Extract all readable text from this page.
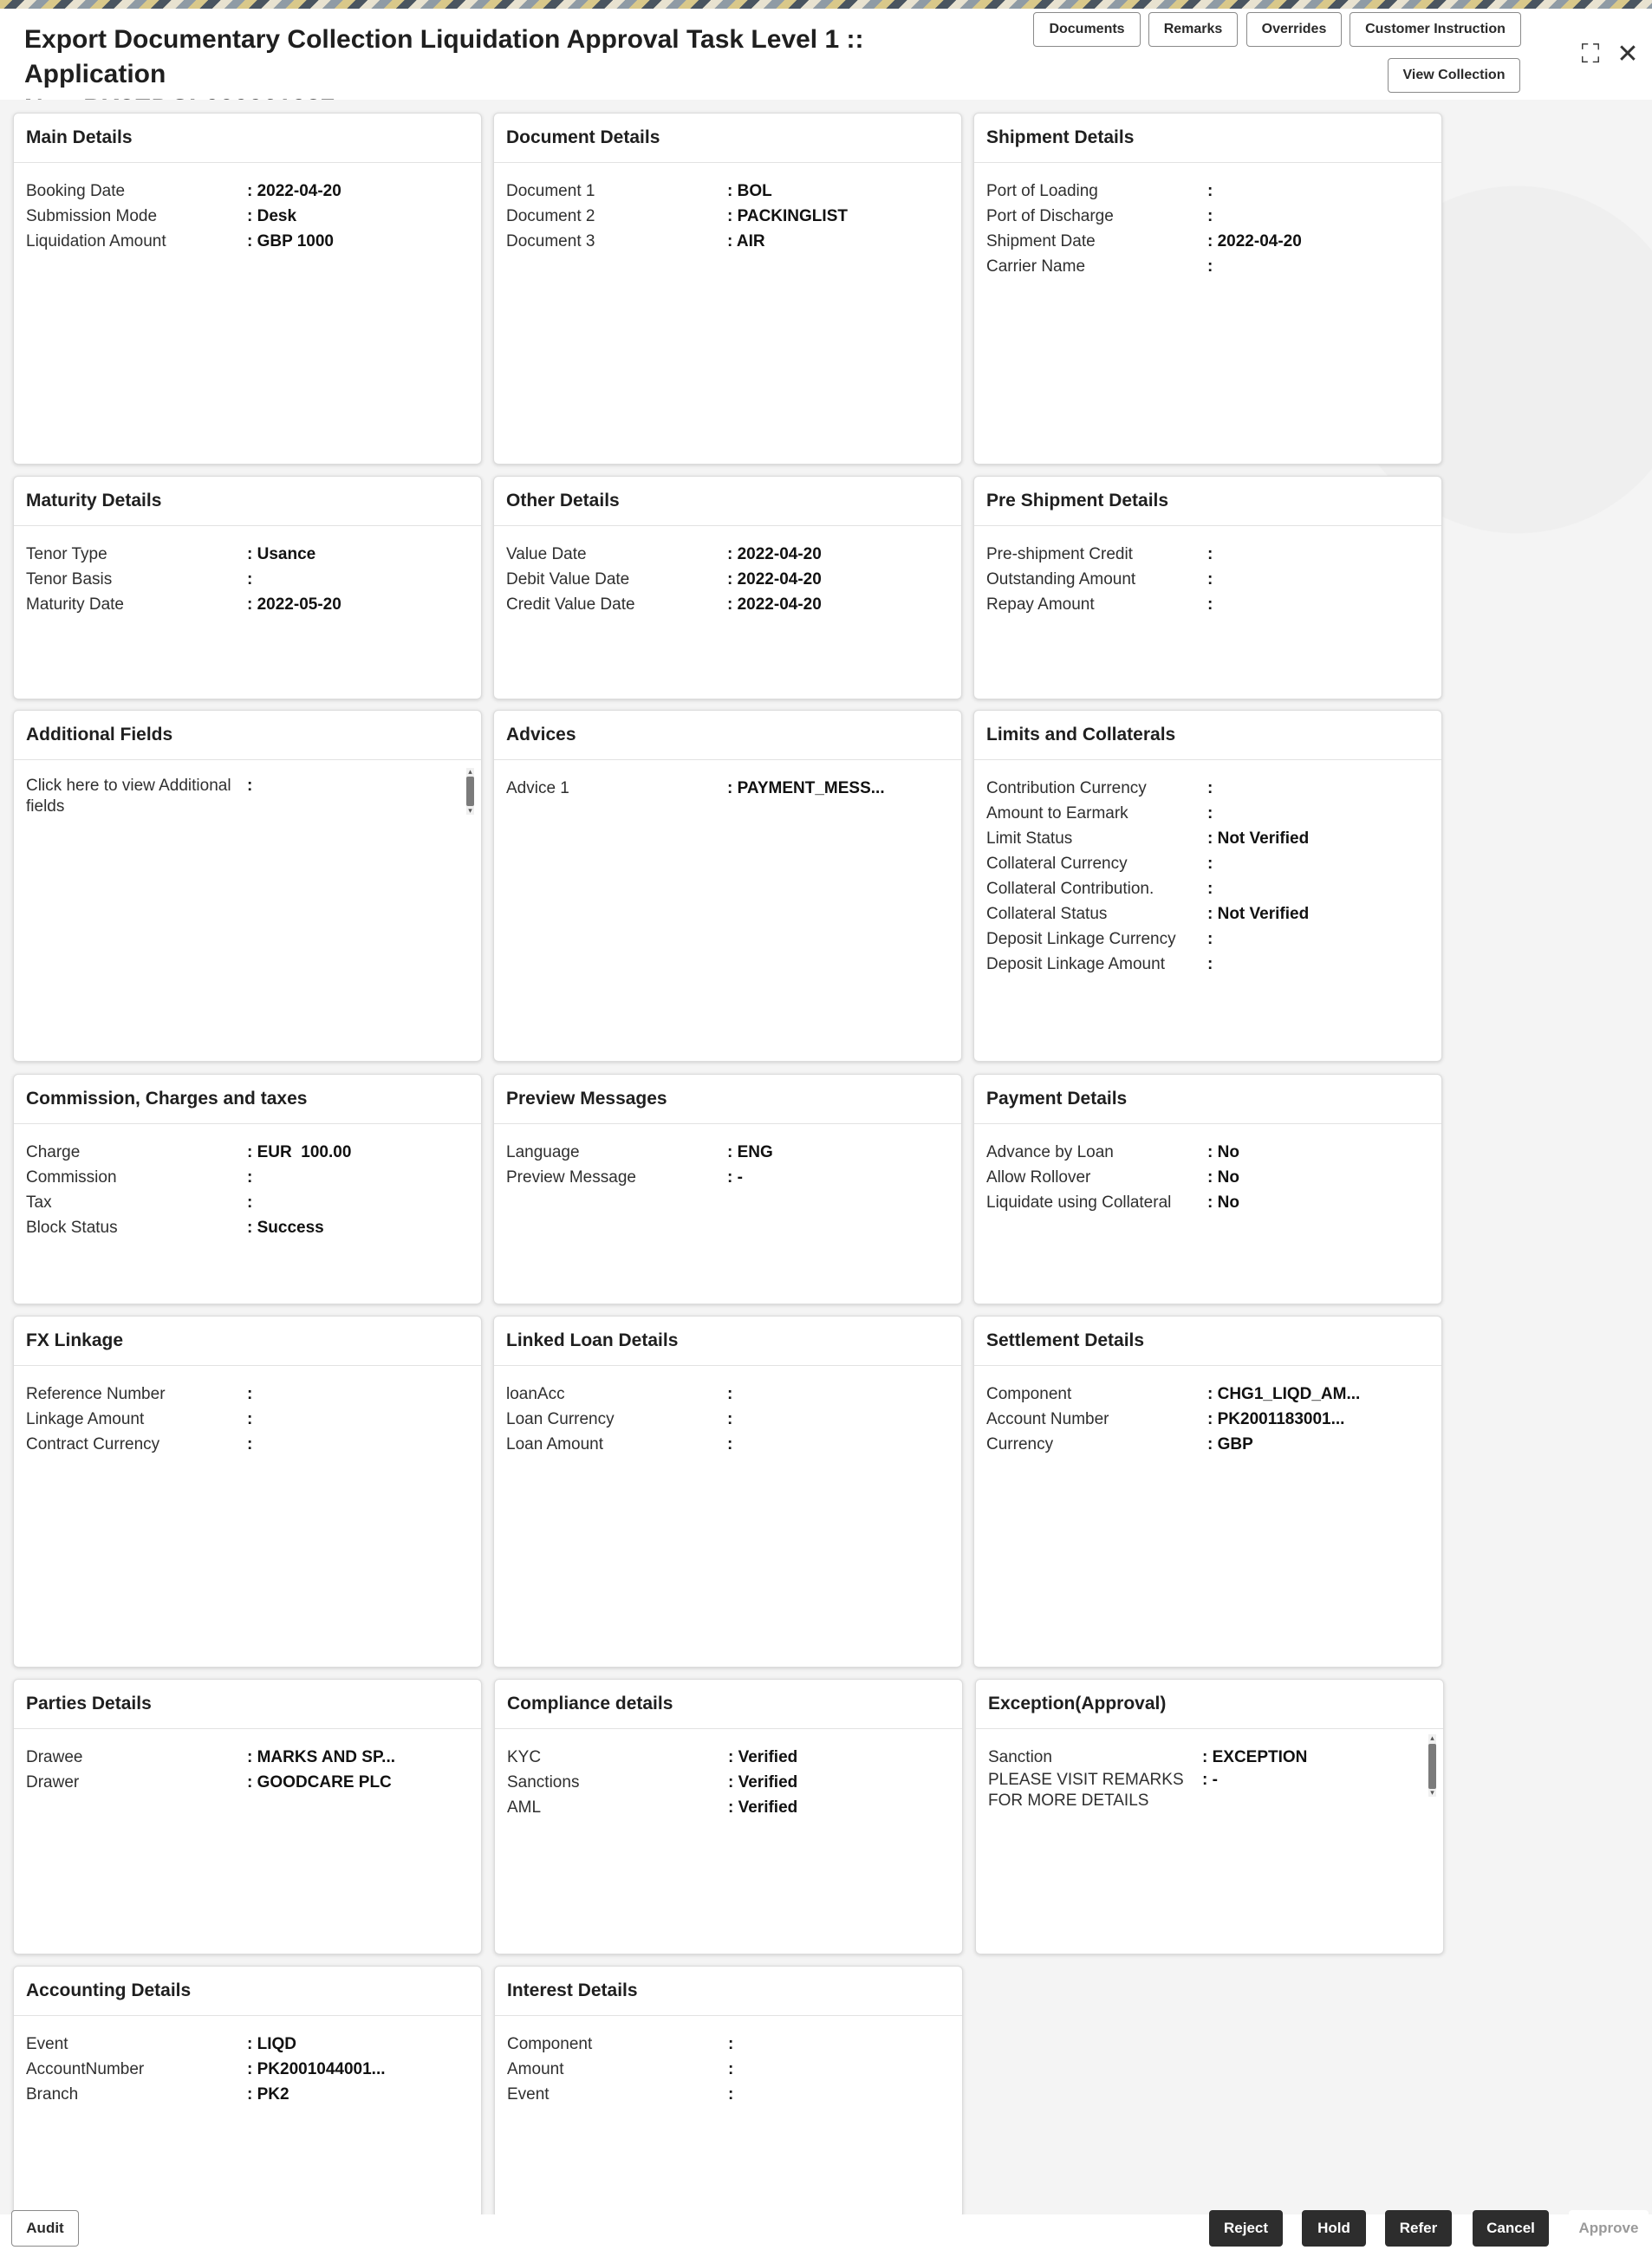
Export Documentary Collection Liquidation Approval Task Level 1 :: Application
Documents	Remarks	Overrides	Customer Instruction
View Collection
⛶ ✕
Main Details
Booking Date	: 2022-04-20
Submission Mode	: Desk
Liquidation Amount	: GBP 1000
Document Details
Document 1	: BOL
Document 2	: PACKINGLIST
Document 3	: AIR
Shipment Details
Port of Loading	:
Port of Discharge	:
Shipment Date	: 2022-04-20
Carrier Name	:
Maturity Details
Tenor Type	: Usance
Tenor Basis	:
Maturity Date	: 2022-05-20
Other Details
Value Date	: 2022-04-20
Debit Value Date	: 2022-04-20
Credit Value Date	: 2022-04-20
Pre Shipment Details
Pre-shipment Credit	:
Outstanding Amount	:
Repay Amount	:
Additional Fields
Click here to view Additional
fields
:
▴
▾
Advices
Advice 1	: PAYMENT_MESS...
Limits and Collaterals
Contribution Currency	:
Amount to Earmark	:
Limit Status	: Not Verified
Collateral Currency	:
Collateral Contribution.	:
Collateral Status	: Not Verified
Deposit Linkage Currency	:
Deposit Linkage Amount	:
Commission, Charges and taxes
Charge	: EUR  100.00
Commission	:
Tax	:
Block Status	: Success
Preview Messages
Language	: ENG
Preview Message	: -
Payment Details
Advance by Loan	: No
Allow Rollover	: No
Liquidate using Collateral	: No
FX Linkage
Reference Number	:
Linkage Amount	:
Contract Currency	:
Linked Loan Details
loanAcc	:
Loan Currency	:
Loan Amount	:
Settlement Details
Component	: CHG1_LIQD_AM...
Account Number	: PK2001183001...
Currency	: GBP
Parties Details
Drawee	: MARKS AND SP...
Drawer	: GOODCARE PLC
Compliance details
KYC	: Verified
Sanctions	: Verified
AML	: Verified
Exception(Approval)
Sanction	: EXCEPTION
PLEASE VISIT REMARKS
FOR MORE DETAILS
: -
▴
▾
Accounting Details
Event	: LIQD
AccountNumber	: PK2001044001...
Branch	: PK2
Interest Details
Component	:
Amount	:
Event	:
Audit	Reject	Hold	Refer	Cancel	Approve
